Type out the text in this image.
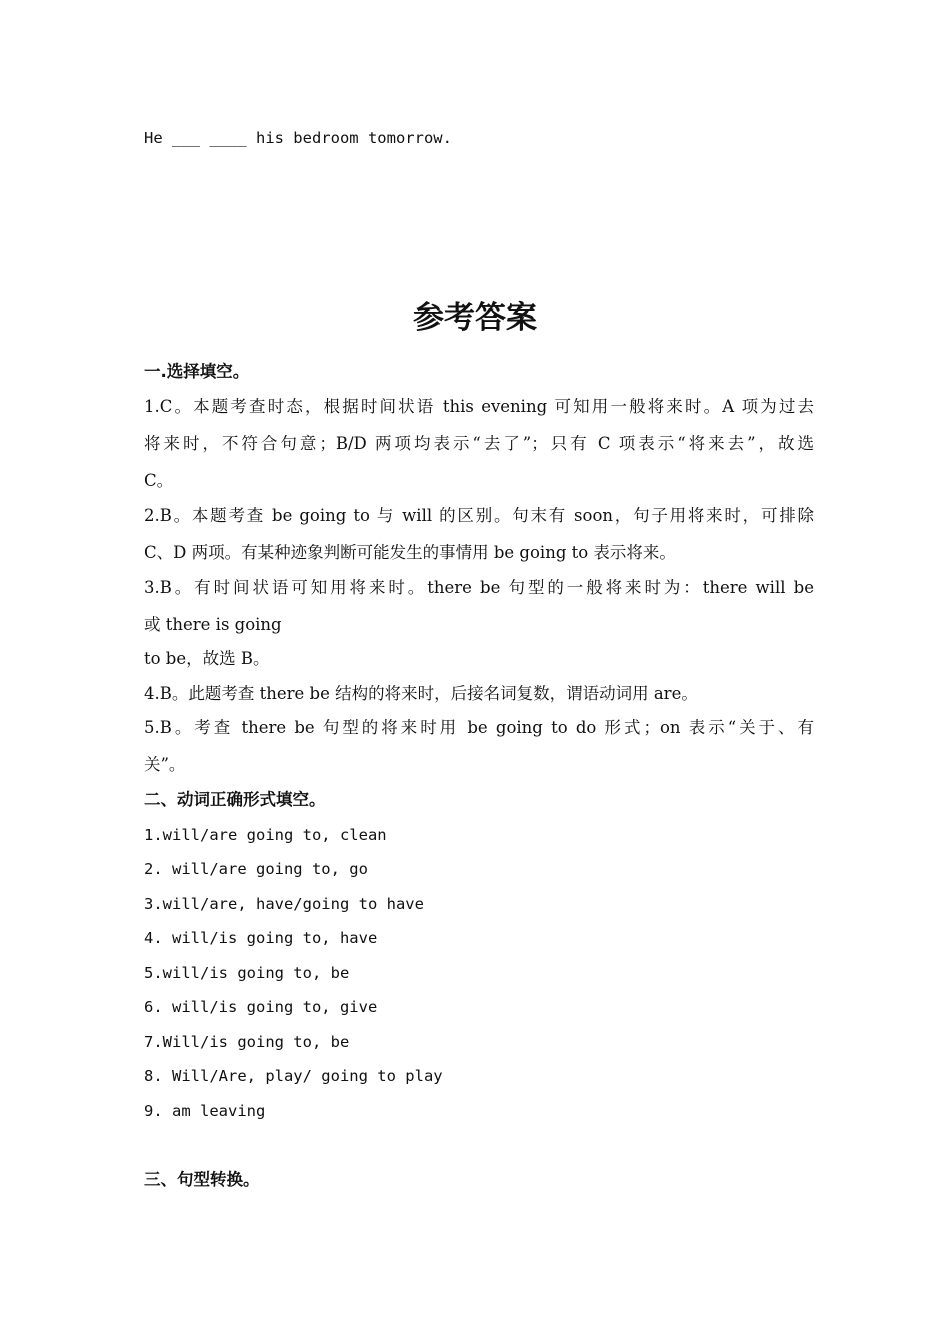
He ___ ____ his bedroom tomorrow.
参考答案
一.选择填空。
1.C。本题考查时态，根据时间状语 this evening 可知用一般将来时。A 项为过去
将来时，不符合句意；B/D 两项均表示“去了”；只有 C 项表示“将来去”，故选
C。
2.B。本题考查 be going to 与 will 的区别。句末有 soon，句子用将来时，可排除
C、D 两项。有某种迹象判断可能发生的事情用 be going to 表示将来。
3.B。有时间状语可知用将来时。there be 句型的一般将来时为：there will be
或 there is going
to be，故选 B。
4.B。此题考查 there be 结构的将来时，后接名词复数，谓语动词用 are。
5.B。考查 there be 句型的将来时用 be going to do 形式；on 表示“关于、有
关”。
二、动词正确形式填空。
1.will/are going to, clean
2. will/are going to, go
3.will/are, have/going to have
4. will/is going to, have
5.will/is going to, be
6. will/is going to, give
7.Will/is going to, be
8. Will/Are, play/ going to play
9. am leaving
三、句型转换。
